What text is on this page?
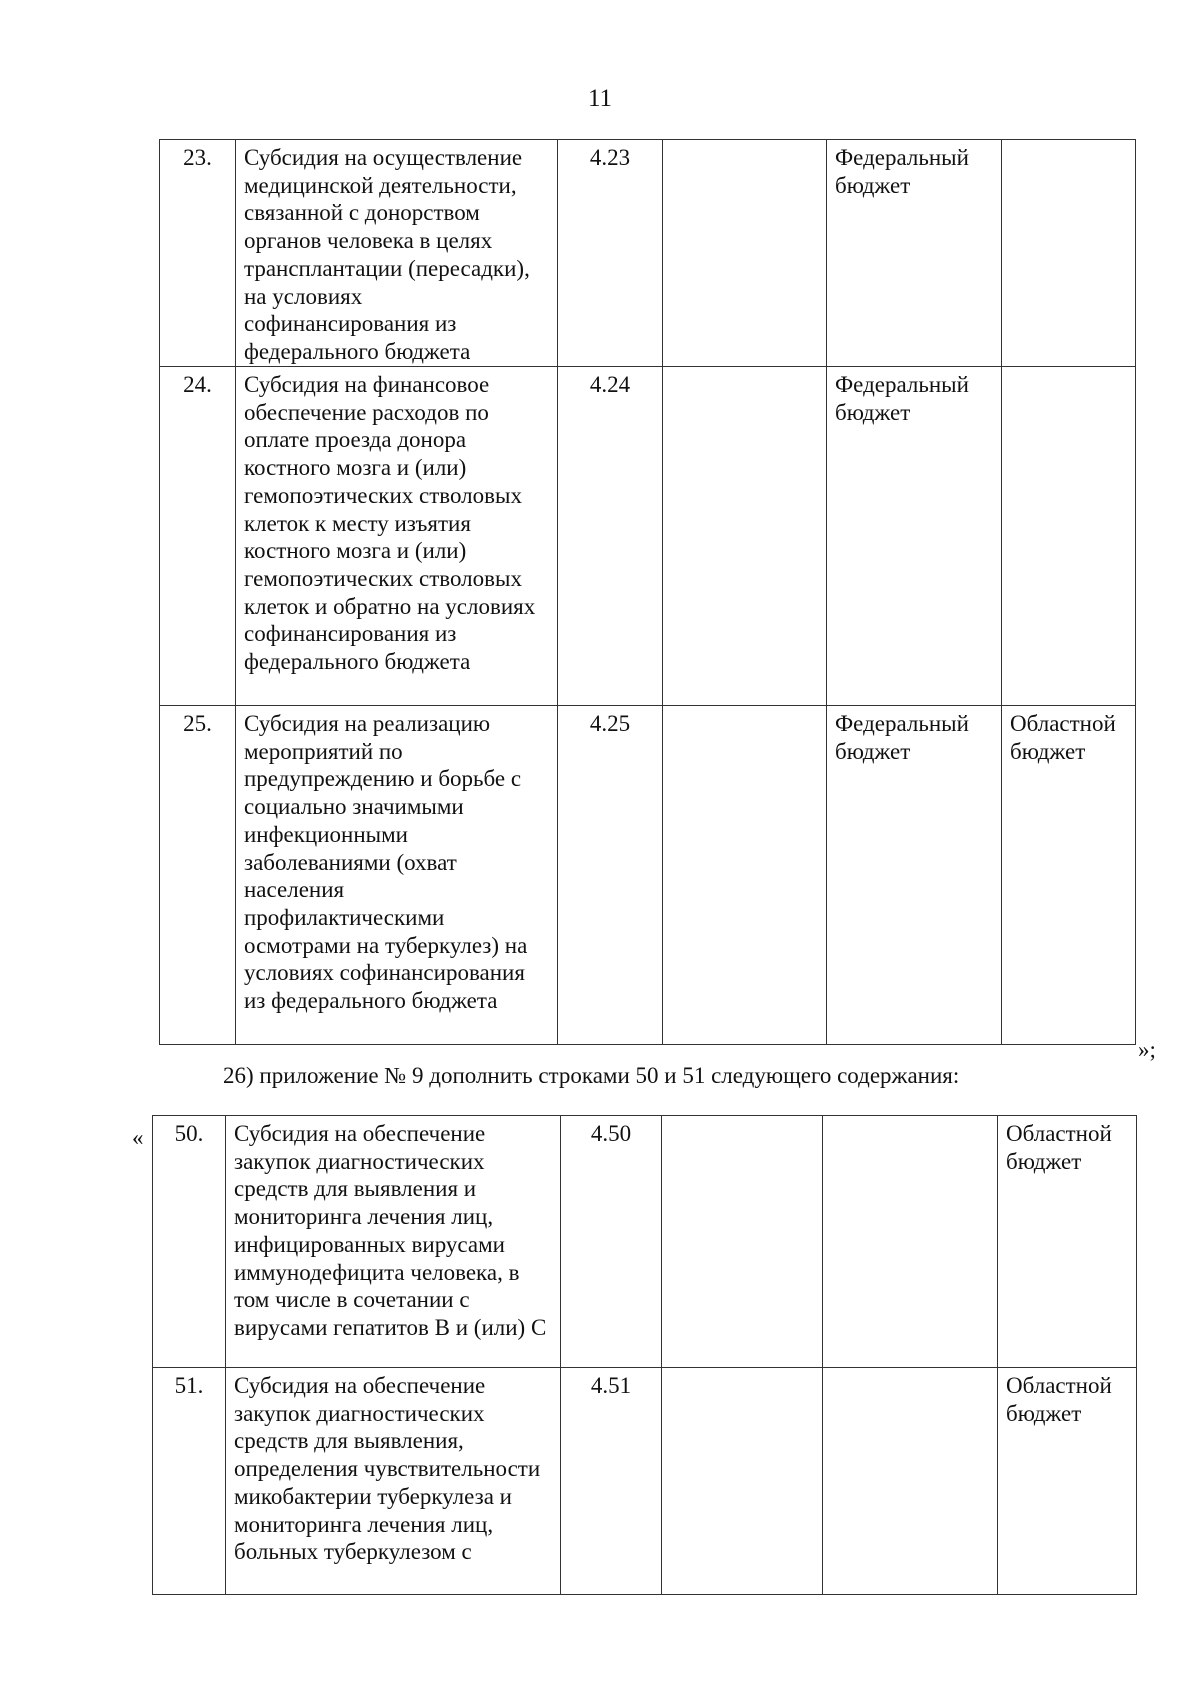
11
23.	Субсидия на осуществление медицинской деятельности, связанной с донорством органов человека в целях трансплантации (пересадки), на условиях софинансирования из федерального бюджета	4.23		Федеральный бюджет	
24.	Субсидия на финансовое обеспечение расходов по оплате проезда донора костного мозга и (или) гемопоэтических стволовых клеток к месту изъятия костного мозга и (или) гемопоэтических стволовых клеток и обратно на условиях софинансирования из федерального бюджета	4.24		Федеральный бюджет	
25.	Субсидия на реализацию мероприятий по предупреждению и борьбе с социально значимыми инфекционными заболеваниями (охват населения профилактическими осмотрами на туберкулез) на условиях софинансирования из федерального бюджета	4.25		Федеральный бюджет	Областной бюджет
»;
26) приложение № 9 дополнить строками 50 и 51 следующего содержания:
« 50.	Субсидия на обеспечение закупок диагностических средств для выявления и мониторинга лечения лиц, инфицированных вирусами иммунодефицита человека, в том числе в сочетании с вирусами гепатитов В и (или) С	4.50			Областной бюджет
51.	Субсидия на обеспечение закупок диагностических средств для выявления, определения чувствительности микобактерии туберкулеза и мониторинга лечения лиц, больных туберкулезом с	4.51			Областной бюджет
